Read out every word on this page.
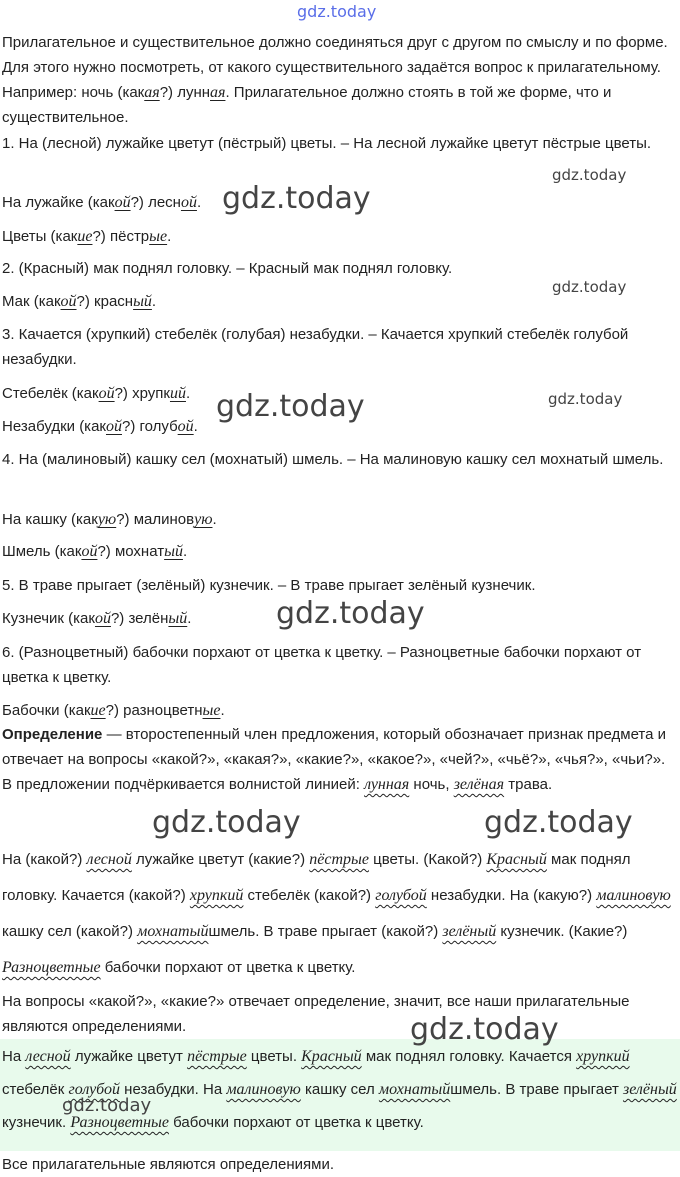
Прилагательное и существительное должно соединяться друг с другом по смыслу и по форме. Для этого нужно посмотреть, от какого существительного задаётся вопрос к прилагательному. Например: ночь (какая?) лунная. Прилагательное должно стоять в той же форме, что и существительное.

1. На (лесной) лужайке цветут (пёстрый) цветы. – На лесной лужайке цветут пёстрые цветы.

На лужайке (какой?) лесной.

Цветы (какие?) пёстрые.

2. (Красный) мак поднял головку. – Красный мак поднял головку.

Мак (какой?) красный.

3. Качается (хрупкий) стебелёк (голубая) незабудки. – Качается хрупкий стебелёк голубой незабудки.

Стебелёк (какой?) хрупкий.

Незабудки (какой?) голубой.

4. На (малиновый) кашку сел (мохнатый) шмель. – На малиновую кашку сел мохнатый шмель.

На кашку (какую?) малиновую.

Шмель (какой?) мохнатый.

5. В траве прыгает (зелёный) кузнечик. – В траве прыгает зелёный кузнечик.

Кузнечик (какой?) зелёный.

6. (Разноцветный) бабочки порхают от цветка к цветку. – Разноцветные бабочки порхают от цветка к цветку.

Бабочки (какие?) разноцветные.

Определение — второстепенный член предложения, который обозначает признак предмета и отвечает на вопросы «какой?», «какая?», «какие?», «какое?», «чей?», «чьё?», «чья?», «чьи?». В предложении подчёркивается волнистой линией: лунная ночь, зелёная трава.

На (какой?) лесной лужайке цветут (какие?) пёстрые цветы. (Какой?) Красный мак поднял головку. Качается (какой?) хрупкий стебелёк (какой?) голубой незабудки. На (какую?) малиновую кашку сел (какой?) мохнатыйшмель. В траве прыгает (какой?) зелёный кузнечик. (Какие?) Разноцветные бабочки порхают от цветка к цветку.

На вопросы «какой?», «какие?» отвечает определение, значит, все наши прилагательные являются определениями.

На лесной лужайке цветут пёстрые цветы. Красный мак поднял головку. Качается хрупкий стебелёк голубой незабудки. На малиновую кашку сел мохнатыйшмель. В траве прыгает зелёный кузнечик. Разноцветные бабочки порхают от цветка к цветку.

Все прилагательные являются определениями.

gdz.today
gdz.today
gdz.today
gdz.today
gdz.today	gdz.today
gdz.today
gdz.today	gdz.today
gdz.today
gdz.today
